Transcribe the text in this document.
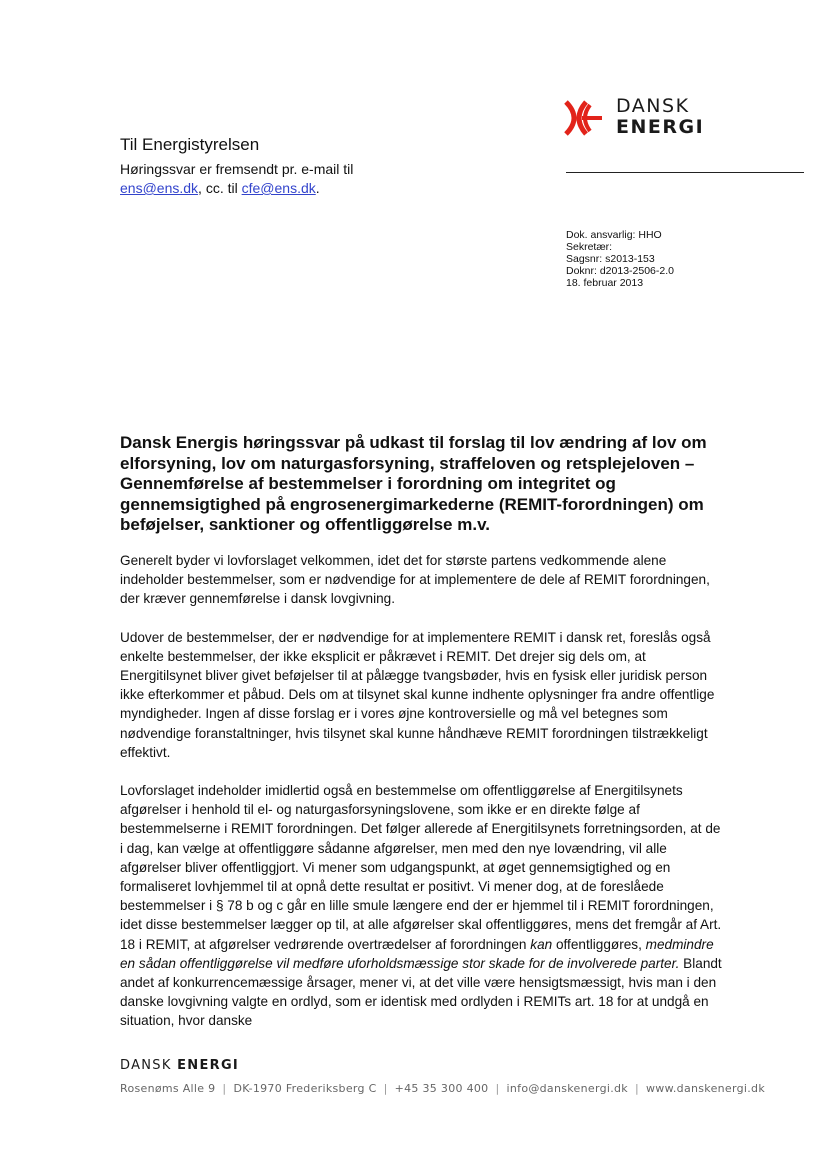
DANSK
ENERGI
Til Energistyrelsen
Høringssvar er fremsendt pr. e-mail til
ens@ens.dk, cc. til cfe@ens.dk.
Dok. ansvarlig: HHO
Sekretær:
Sagsnr: s2013-153
Doknr: d2013-2506-2.0
18. februar 2013
Dansk Energis høringssvar på udkast til forslag til lov ændring af lov om elforsyning, lov om naturgasforsyning, straffeloven og retsplejeloven – Gennemførelse af bestemmelser i forordning om integritet og gennemsigtighed på engrosenergimarkederne (REMIT-forordningen) om beføjelser, sanktioner og offentliggørelse m.v.

Generelt byder vi lovforslaget velkommen, idet det for største partens vedkommende alene indeholder bestemmelser, som er nødvendige for at implementere de dele af REMIT forordningen, der kræver gennemførelse i dansk lovgivning.

Udover de bestemmelser, der er nødvendige for at implementere REMIT i dansk ret, foreslås også enkelte bestemmelser, der ikke eksplicit er påkrævet i REMIT. Det drejer sig dels om, at Energitilsynet bliver givet beføjelser til at pålægge tvangsbøder, hvis en fysisk eller juridisk person ikke efterkommer et påbud. Dels om at tilsynet skal kunne indhente oplysninger fra andre offentlige myndigheder. Ingen af disse forslag er i vores øjne kontroversielle og må vel betegnes som nødvendige foranstaltninger, hvis tilsynet skal kunne håndhæve REMIT forordningen tilstrækkeligt effektivt.

Lovforslaget indeholder imidlertid også en bestemmelse om offentliggørelse af Energitilsynets afgørelser i henhold til el- og naturgasforsyningslovene, som ikke er en direkte følge af bestemmelserne i REMIT forordningen. Det følger allerede af Energitilsynets forretningsorden, at de i dag, kan vælge at offentliggøre sådanne afgørelser, men med den nye lovændring, vil alle afgørelser bliver offentliggjort. Vi mener som udgangspunkt, at øget gennemsigtighed og en formaliseret lovhjemmel til at opnå dette resultat er positivt. Vi mener dog, at de foreslåede bestemmelser i § 78 b og c går en lille smule længere end der er hjemmel til i REMIT forordningen, idet disse bestemmelser lægger op til, at alle afgørelser skal offentliggøres, mens det fremgår af Art. 18 i REMIT, at afgørelser vedrørende overtrædelser af forordningen kan offentliggøres, medmindre en sådan offentliggørelse vil medføre uforholdsmæssige stor skade for de involverede parter. Blandt andet af konkurrencemæssige årsager, mener vi, at det ville være hensigtsmæssigt, hvis man i den danske lovgivning valgte en ordlyd, som er identisk med ordlyden i REMITs art. 18 for at undgå en situation, hvor danske

DANSK ENERGI
Rosenøms Alle 9 | DK-1970 Frederiksberg C | +45 35 300 400 | info@danskenergi.dk | www.danskenergi.dk
